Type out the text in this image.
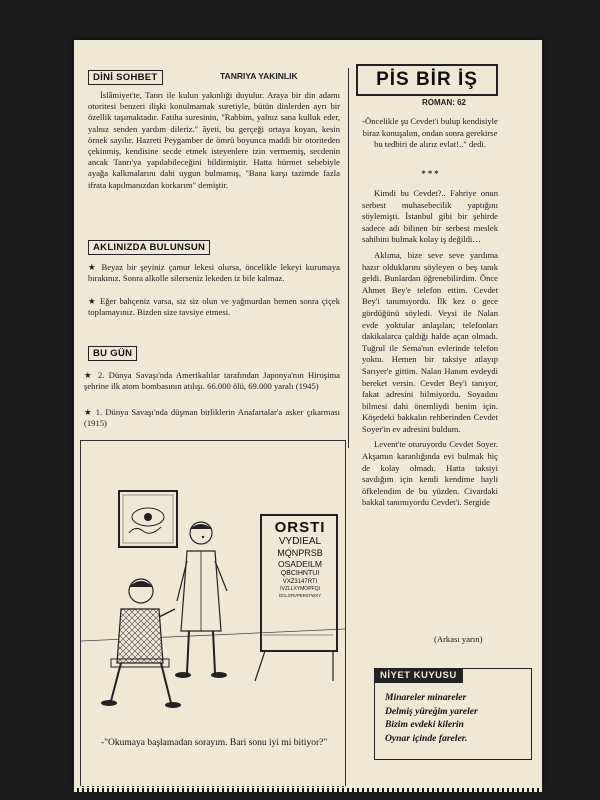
DİNİ SOHBET	TANRIYA YAKINLIK
İslâmiyet'te, Tanrı ile kulun yakınlığı duyulur. Araya bir din adamı otoritesi benzeri ilişki konulmamak suretiyle, bütün dinlerden ayrı bir özellik taşımaktadır. Fatiha suresinin, "Rabbim, yalnız sana kulluk eder, yalnız senden yardım dileriz." âyeti, bu gerçeği ortaya koyan, kesin örnek sayılır. Hazreti Peygamber de ömrü boyunca maddi bir otoriteden çekinmiş, kendisine secde etmek isteyenlere izin vermemiş, secdenin ancak Tanrı'ya yapılabileceğini bildirmiştir. Hatta hürmet sebebiyle ayağa kalkmalarını dahi uygun bulmamış, "Bana karşı tazimde fazla ifrata kapılmanızdan korkarım" demiştir.
AKLINIZDA BULUNSUN
★ Beyaz bir şeyiniz çamur lekesi olursa, öncelikle lekeyi kurumaya bırakınız. Sonra alkolle silerseniz lekeden iz bile kalmaz.
★ Eğer bahçeniz varsa, siz siz olun ve yağmurdan hemen sonra çiçek toplamayınız. Bizden size tavsiye etmesi.
BU GÜN
★ 2. Dünya Savaşı'nda Amerikalılar tarafından Japonya'nın Hiroşima şehrine ilk atom bombasının atılışı. 66.000 ölü, 69.000 yaralı (1945)
★ 1. Dünya Savaşı'nda düşman birliklerin Anafartalar'a asker çıkarması (1915)
ORSTI
VYDIEAL
MQNPRSB
OSADEILM
QBCIHNTUI
VXZ3147RTI
IVZLLXYMOPFQI
DCLGRVPERSTWXY
-"Okumaya başlamadan sorayım. Bari sonu iyi mi bitiyor?"
PİS BİR İŞ
ROMAN: 62
-Öncelikle şu Cevdet'i bulup kendisiyle biraz konuşalım, ondan sonra gerekirse bu tedbiri de alırız evlat!.." dedi.
* * *

Kimdi bu Cevdet?.. Fahriye onun serbest muhasebecilik yaptığını söylemişti. İstanbul gibi bir şehirde sadece adı bilinen bir serbest meslek sahibini bulmak kolay iş değildi…

Aklıma, bize seve seve yardıma hazır olduklarını söyleyen o beş tanık geldi. Bunlardan öğrenebilirdim. Önce Ahmet Bey'e telefon ettim. Cevdet Bey'i tanımıyordu. İlk kez o gece gördüğünü söyledi. Veysi ile Nalan evde yoktular anlaşılan; telefonları dakikalarca çaldığı halde açan olmadı. Tuğrul ile Sema'nın evlerinde telefon yoktu. Hemen bir taksiye atlayıp Sarıyer'e gittim. Nalan Hanım evdeydi bereket versin. Cevdet Bey'i tanıyor, fakat adresini bilmiyordu. Soyadını bilmesi dahi önemliydi benim için. Köşedeki bakkalın rehberinden Cevdet Soyer'in ev adresini buldum.

Levent'te oturuyordu Cevdet Soyer. Akşamın karanlığında evi bulmak hiç de kolay olmadı. Hatta taksiyi savdığım için kendi kendime hayli öfkelendim de bu yüzden. Civardaki bakkal tanımıyordu Cevdet'i. Sergide

(Arkası yarın)
NİYET KUYUSU
Minareler minareler
Delmiş yüreğim yareler
Bizim evdeki kilerin
Oynar içinde fareler.
